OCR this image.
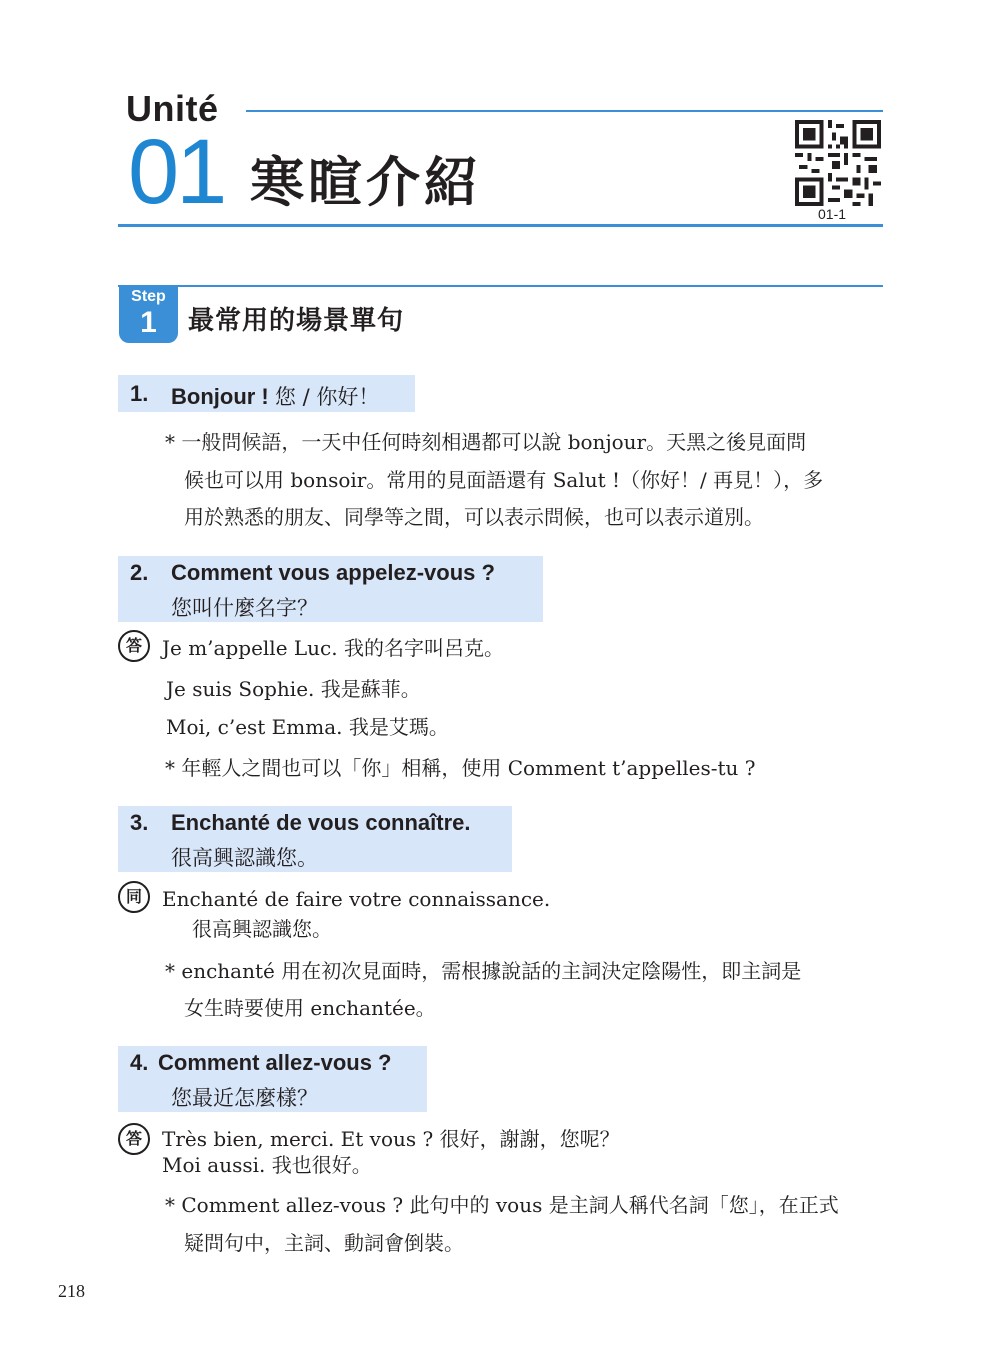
Unité
01 寒暄介紹	01-1
Step
1	最常用的場景單句
1. Bonjour ! 您 / 你好！
* 一般問候語，一天中任何時刻相遇都可以說 bonjour。天黑之後見面問
候也可以用 bonsoir。常用的見面語還有 Salut !（你好！/ 再見！），多
用於熟悉的朋友、同學等之間，可以表示問候，也可以表示道別。
2. Comment vous appelez-vous ?
您叫什麼名字？
答	Je m’appelle Luc. 我的名字叫呂克。
Je suis Sophie. 我是蘇菲。
Moi, c’est Emma. 我是艾瑪。
* 年輕人之間也可以「你」相稱，使用 Comment t’appelles-tu ?
3. Enchanté de vous connaître.
很高興認識您。
同	Enchanté de faire votre connaissance.
很高興認識您。
* enchanté 用在初次見面時，需根據說話的主詞決定陰陽性，即主詞是
女生時要使用 enchantée。
4. Comment allez-vous ?
您最近怎麼樣？
答	Très bien, merci. Et vous ? 很好，謝謝，您呢？
Moi aussi. 我也很好。
* Comment allez-vous ? 此句中的 vous 是主詞人稱代名詞「您」，在正式
疑問句中，主詞、動詞會倒裝。
218
